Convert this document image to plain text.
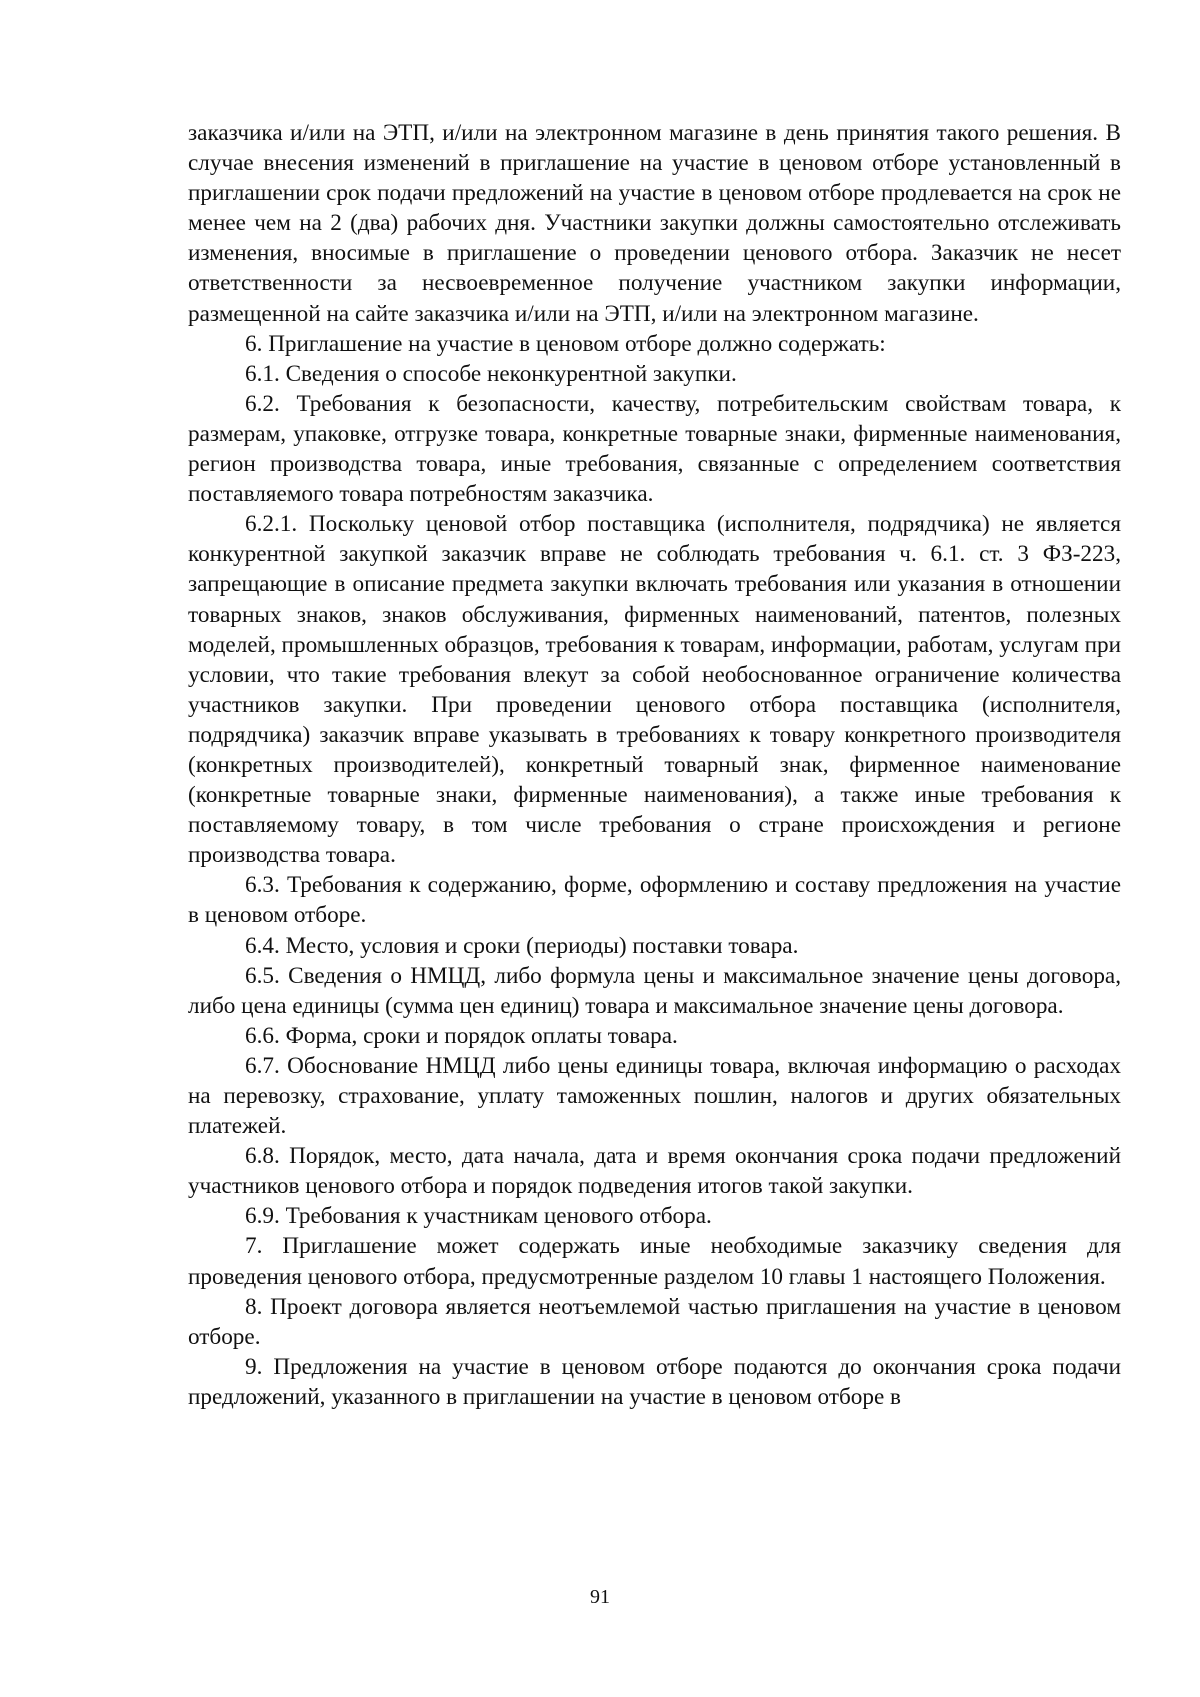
заказчика и/или на ЭТП, и/или на электронном магазине в день принятия такого решения. В случае внесения изменений в приглашение на участие в ценовом отборе установленный в приглашении срок подачи предложений на участие в ценовом отборе продлевается на срок не менее чем на 2 (два) рабочих дня. Участники закупки должны самостоятельно отслеживать изменения, вносимые в приглашение о проведении ценового отбора. Заказчик не несет ответственности за несвоевременное получение участником закупки информации, размещенной на сайте заказчика и/или на ЭТП, и/или на электронном магазине.

6. Приглашение на участие в ценовом отборе должно содержать:

6.1. Сведения о способе неконкурентной закупки.

6.2. Требования к безопасности, качеству, потребительским свойствам товара, к размерам, упаковке, отгрузке товара, конкретные товарные знаки, фирменные наименования, регион производства товара, иные требования, связанные с определением соответствия поставляемого товара потребностям заказчика.

6.2.1. Поскольку ценовой отбор поставщика (исполнителя, подрядчика) не является конкурентной закупкой заказчик вправе не соблюдать требования ч. 6.1. ст. 3 ФЗ-223, запрещающие в описание предмета закупки включать требования или указания в отношении товарных знаков, знаков обслуживания, фирменных наименований, патентов, полезных моделей, промышленных образцов, требования к товарам, информации, работам, услугам при условии, что такие требования влекут за собой необоснованное ограничение количества участников закупки. При проведении ценового отбора поставщика (исполнителя, подрядчика) заказчик вправе указывать в требованиях к товару конкретного производителя (конкретных производителей), конкретный товарный знак, фирменное наименование (конкретные товарные знаки, фирменные наименования), а также иные требования к поставляемому товару, в том числе требования о стране происхождения и регионе производства товара.

6.3. Требования к содержанию, форме, оформлению и составу предложения на участие в ценовом отборе.

6.4. Место, условия и сроки (периоды) поставки товара.

6.5. Сведения о НМЦД, либо формула цены и максимальное значение цены договора, либо цена единицы (сумма цен единиц) товара и максимальное значение цены договора.

6.6. Форма, сроки и порядок оплаты товара.

6.7. Обоснование НМЦД либо цены единицы товара, включая информацию о расходах на перевозку, страхование, уплату таможенных пошлин, налогов и других обязательных платежей.

6.8. Порядок, место, дата начала, дата и время окончания срока подачи предложений участников ценового отбора и порядок подведения итогов такой закупки.

6.9. Требования к участникам ценового отбора.

7. Приглашение может содержать иные необходимые заказчику сведения для проведения ценового отбора, предусмотренные разделом 10 главы 1 настоящего Положения.

8. Проект договора является неотъемлемой частью приглашения на участие в ценовом отборе.

9. Предложения на участие в ценовом отборе подаются до окончания срока подачи предложений, указанного в приглашении на участие в ценовом отборе в

91
